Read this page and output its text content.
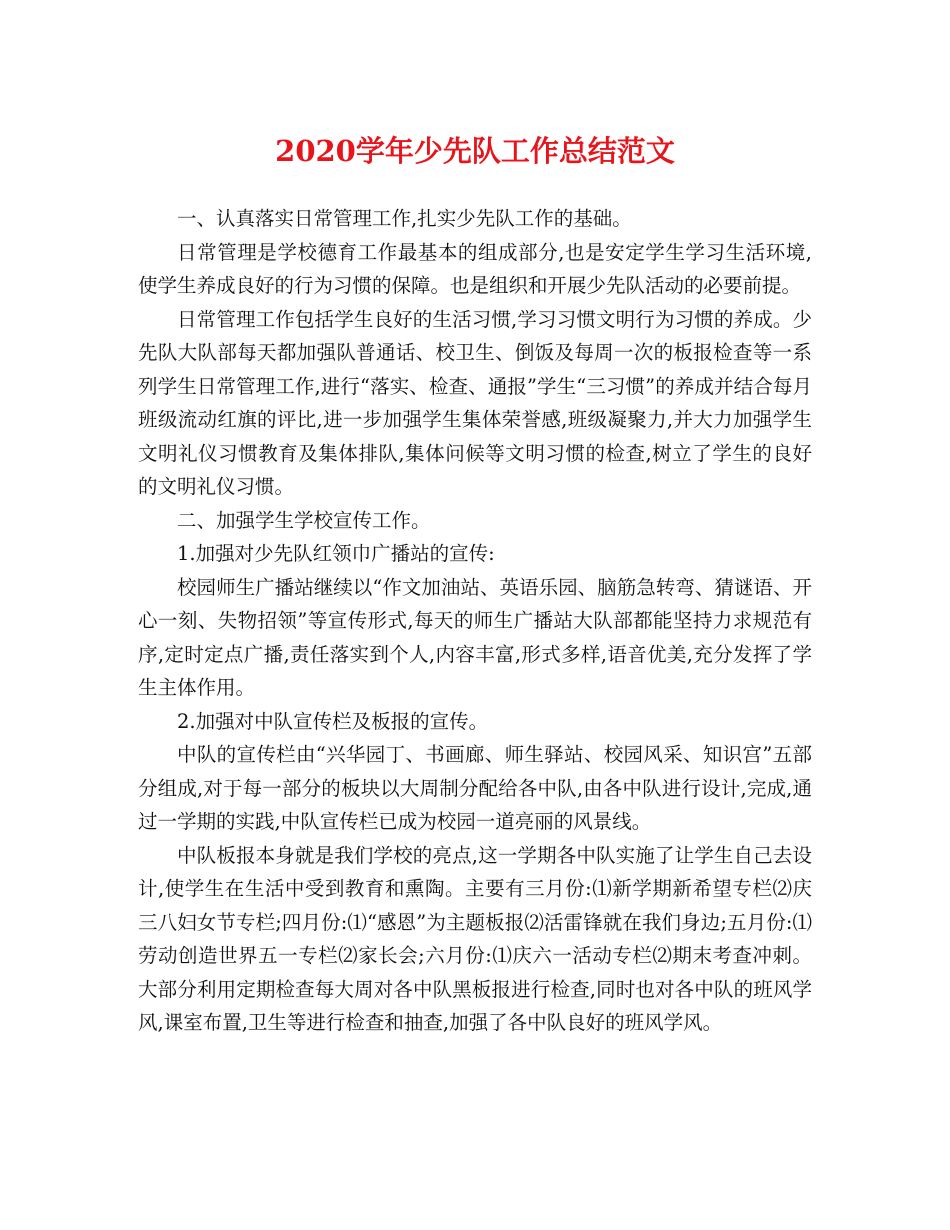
2020学年少先队工作总结范文

一、认真落实日常管理工作,扎实少先队工作的基础。

日常管理是学校德育工作最基本的组成部分,也是安定学生学习生活环境,使学生养成良好的行为习惯的保障。也是组织和开展少先队活动的必要前提。

日常管理工作包括学生良好的生活习惯,学习习惯文明行为习惯的养成。少先队大队部每天都加强队普通话、校卫生、倒饭及每周一次的板报检查等一系列学生日常管理工作,进行“落实、检查、通报”学生“三习惯”的养成并结合每月班级流动红旗的评比,进一步加强学生集体荣誉感,班级凝聚力,并大力加强学生文明礼仪习惯教育及集体排队,集体问候等文明习惯的检查,树立了学生的良好的文明礼仪习惯。

二、加强学生学校宣传工作。

1.加强对少先队红领巾广播站的宣传:

校园师生广播站继续以“作文加油站、英语乐园、脑筋急转弯、猜谜语、开心一刻、失物招领”等宣传形式,每天的师生广播站大队部都能坚持力求规范有序,定时定点广播,责任落实到个人,内容丰富,形式多样,语音优美,充分发挥了学生主体作用。

2.加强对中队宣传栏及板报的宣传。

中队的宣传栏由“兴华园丁、书画廊、师生驿站、校园风采、知识宫”五部分组成,对于每一部分的板块以大周制分配给各中队,由各中队进行设计,完成,通过一学期的实践,中队宣传栏已成为校园一道亮丽的风景线。

中队板报本身就是我们学校的亮点,这一学期各中队实施了让学生自己去设计,使学生在生活中受到教育和熏陶。主要有三月份:⑴新学期新希望专栏⑵庆三八妇女节专栏;四月份:⑴“感恩”为主题板报⑵活雷锋就在我们身边;五月份:⑴劳动创造世界五一专栏⑵家长会;六月份:⑴庆六一活动专栏⑵期末考查冲刺。大部分利用定期检查每大周对各中队黑板报进行检查,同时也对各中队的班风学风,课室布置,卫生等进行检查和抽查,加强了各中队良好的班风学风。
